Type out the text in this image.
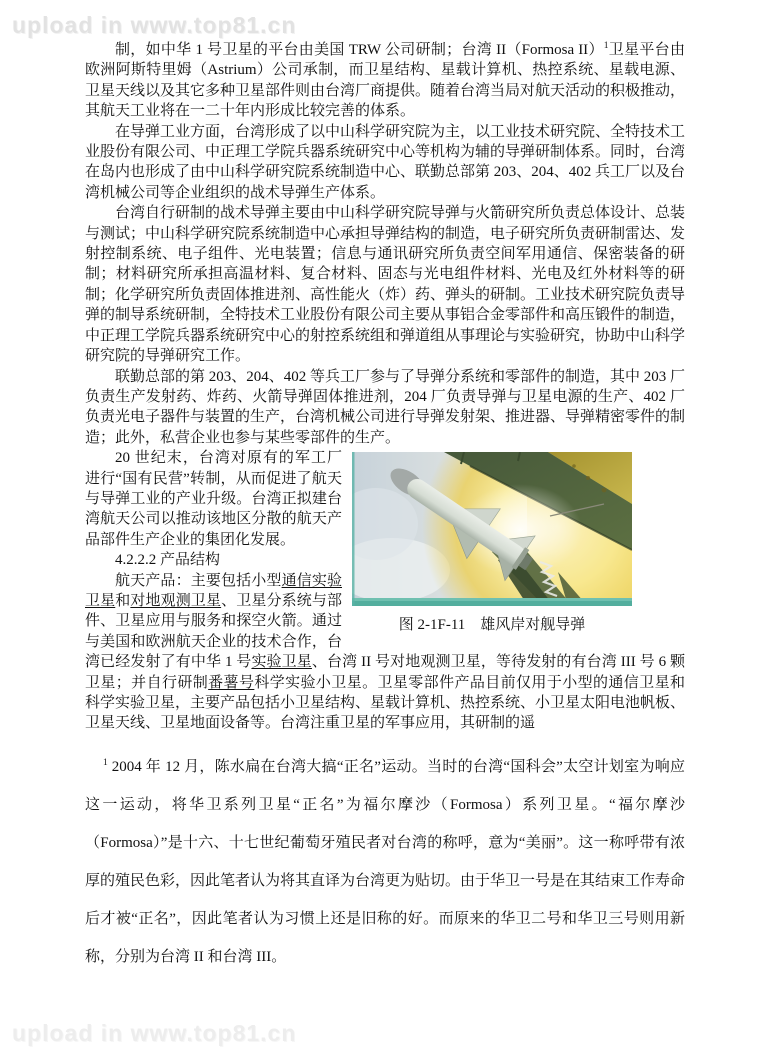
upload in www.top81.cn

制，如中华 1 号卫星的平台由美国 TRW 公司研制；台湾 II（Formosa II）$^1$卫星平台由欧洲阿斯特里姆（Astrium）公司承制，而卫星结构、星载计算机、热控系统、星载电源、卫星天线以及其它多种卫星部件则由台湾厂商提供。随着台湾当局对航天活动的积极推动，其航天工业将在一二十年内形成比较完善的体系。

在导弹工业方面，台湾形成了以中山科学研究院为主，以工业技术研究院、全特技术工业股份有限公司、中正理工学院兵器系统研究中心等机构为辅的导弹研制体系。同时，台湾在岛内也形成了由中山科学研究院系统制造中心、联勤总部第 203、204、402 兵工厂以及台湾机械公司等企业组织的战术导弹生产体系。

台湾自行研制的战术导弹主要由中山科学研究院导弹与火箭研究所负责总体设计、总装与测试；中山科学研究院系统制造中心承担导弹结构的制造，电子研究所负责研制雷达、发射控制系统、电子组件、光电装置；信息与通讯研究所负责空间军用通信、保密装备的研制；材料研究所承担高温材料、复合材料、固态与光电组件材料、光电及红外材料等的研制；化学研究所负责固体推进剂、高性能火（炸）药、弹头的研制。工业技术研究院负责导弹的制导系统研制，全特技术工业股份有限公司主要从事铝合金零部件和高压锻件的制造，中正理工学院兵器系统研究中心的射控系统组和弹道组从事理论与实验研究，协助中山科学研究院的导弹研究工作。

联勤总部的第 203、204、402 等兵工厂参与了导弹分系统和零部件的制造，其中 203 厂负责生产发射药、炸药、火箭导弹固体推进剂，204 厂负责导弹与卫星电源的生产、402 厂负责光电子器件与装置的生产，台湾机械公司进行导弹发射架、推进器、导弹精密零件的制造；此外，私营企业也参与某些零部件的生产。

图 2-1F-11　雄风岸对舰导弹

20 世纪末，台湾对原有的军工厂进行“国有民营”转制，从而促进了航天与导弹工业的产业升级。台湾正拟建台湾航天公司以推动该地区分散的航天产品部件生产企业的集团化发展。

4.2.2.2 产品结构

航天产品：主要包括小型通信实验卫星和对地观测卫星、卫星分系统与部件、卫星应用与服务和探空火箭。通过与美国和欧洲航天企业的技术合作，台湾已经发射了有中华 1 号实验卫星、台湾 II 号对地观测卫星，等待发射的有台湾 III 号 6 颗卫星；并自行研制番薯号科学实验小卫星。卫星零部件产品目前仅用于小型的通信卫星和科学实验卫星，主要产品包括小卫星结构、星载计算机、热控系统、小卫星太阳电池帆板、卫星天线、卫星地面设备等。台湾注重卫星的军事应用，其研制的遥

$^1$ 2004 年 12 月，陈水扁在台湾大搞“正名”运动。当时的台湾“国科会”太空计划室为响应这一运动，将华卫系列卫星“正名”为福尔摩沙（Formosa）系列卫星。“福尔摩沙（Formosa）”是十六、十七世纪葡萄牙殖民者对台湾的称呼，意为“美丽”。这一称呼带有浓厚的殖民色彩，因此笔者认为将其直译为台湾更为贴切。由于华卫一号是在其结束工作寿命后才被“正名”，因此笔者认为习惯上还是旧称的好。而原来的华卫二号和华卫三号则用新称，分别为台湾 II 和台湾 III。

upload in www.top81.cn
